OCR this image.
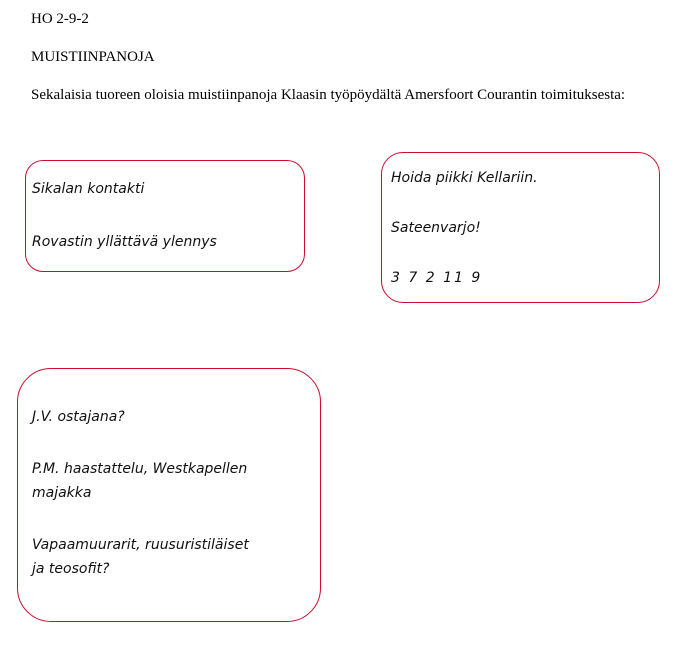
HO 2-9-2
MUISTIINPANOJA
Sekalaisia tuoreen oloisia muistiinpanoja Klaasin työpöydältä Amersfoort Courantin toimituksesta:
Sikalan kontakti
Rovastin yllättävä ylennys
Hoida piikki Kellariin.
Sateenvarjo!
3 7 2 11 9
J.V. ostajana?
P.M. haastattelu, Westkapellen
majakka
Vapaamuurarit, ruusuristiläiset
ja teosofit?
